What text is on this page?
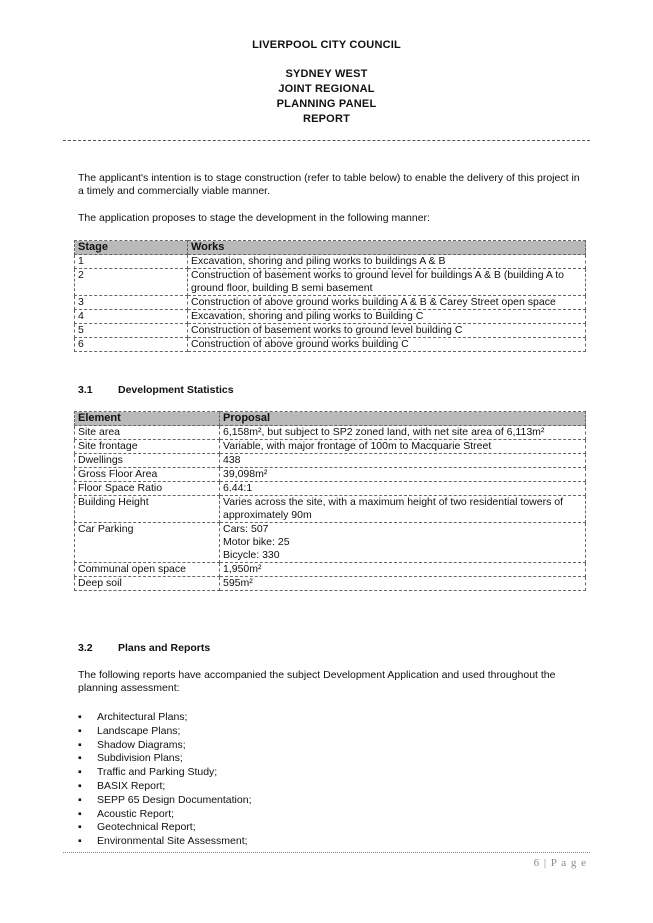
LIVERPOOL CITY COUNCIL
SYDNEY WEST
JOINT REGIONAL
PLANNING PANEL
REPORT
The applicant's intention is to stage construction (refer to table below) to enable the delivery of this project in a timely and commercially viable manner.
The application proposes to stage the development in the following manner:
Stage	Works
1	Excavation, shoring and piling works to buildings A & B
2	Construction of basement works to ground level for buildings A & B (building A to ground floor, building B semi basement
3	Construction of above ground works building A & B & Carey Street open space
4	Excavation, shoring and piling works to Building C
5	Construction of basement works to ground level building C
6	Construction of above ground works building C
3.1 Development Statistics
Element	Proposal
Site area	6,158m², but subject to SP2 zoned land, with net site area of 6,113m²
Site frontage	Variable, with major frontage of 100m to Macquarie Street
Dwellings	438
Gross Floor Area	39,098m²
Floor Space Ratio	6.44:1
Building Height	Varies across the site, with a maximum height of two residential towers of approximately 90m
Car Parking	Cars: 507
Motor bike: 25
Bicycle: 330
Communal open space	1,950m²
Deep soil	595m²
3.2 Plans and Reports
The following reports have accompanied the subject Development Application and used throughout the planning assessment:
▪ Architectural Plans;
▪ Landscape Plans;
▪ Shadow Diagrams;
▪ Subdivision Plans;
▪ Traffic and Parking Study;
▪ BASIX Report;
▪ SEPP 65 Design Documentation;
▪ Acoustic Report;
▪ Geotechnical Report;
▪ Environmental Site Assessment;
6 | P a g e
